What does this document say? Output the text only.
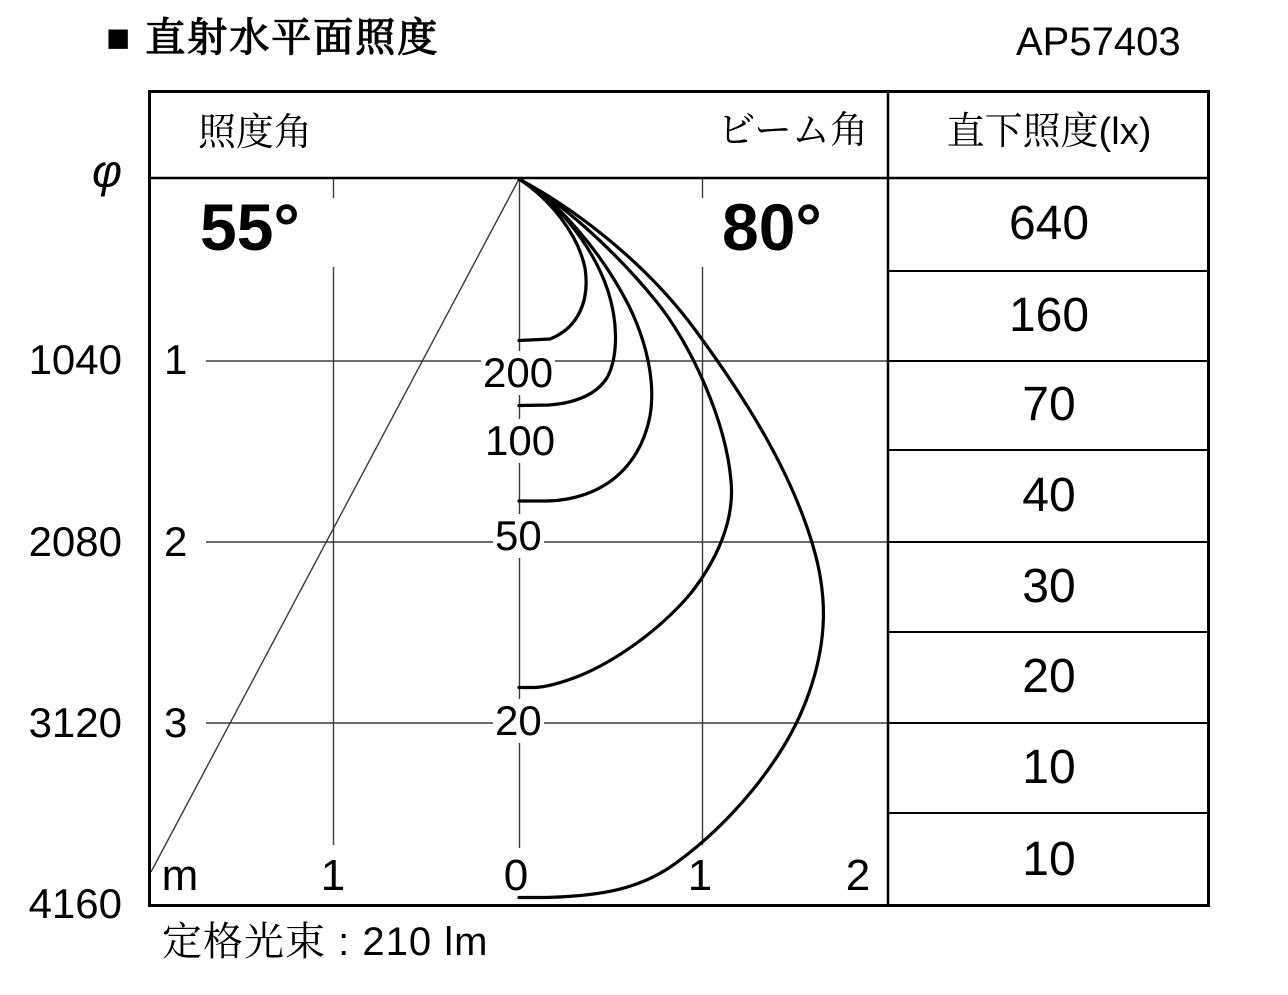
■ 直射水平面照度	AP57403
照度角	ビーム角	直下照度(lx)
55°	80°
φ
1040
2080
3120
4160
1
2
3
200
100
50
20
m	1	0	1	2
640
160
70
40
30
20
10
10
定格光束 : 210 lm
